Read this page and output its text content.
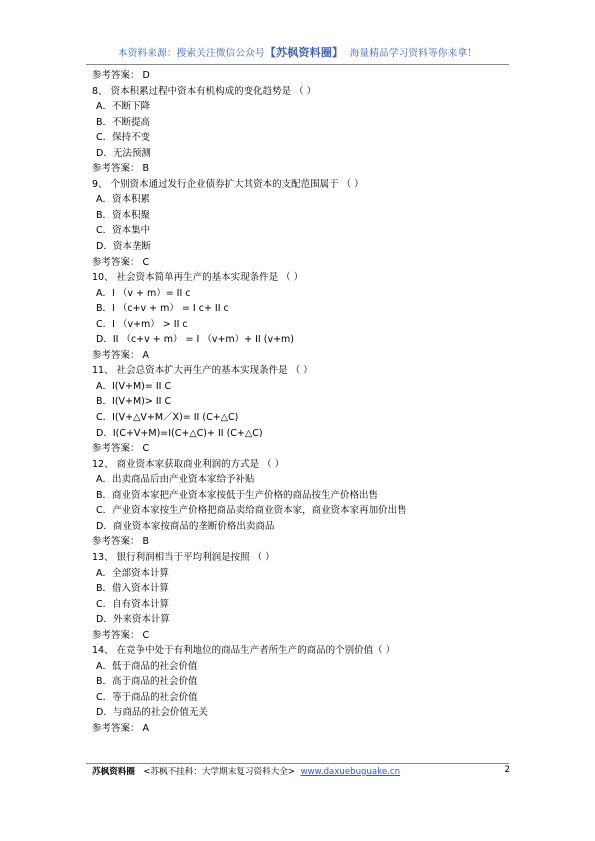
本资料来源：搜索关注微信公众号【苏枫资料圈】 海量精品学习资料等你来拿！
参考答案： D
8、 资本积累过程中资本有机构成的变化趋势是 （ ）
A．不断下降
B．不断提高
C．保持不变
D．无法预测
参考答案： B
9、 个别资本通过发行企业债券扩大其资本的支配范围属于 （ ）
A．资本积累
B．资本积聚
C．资本集中
D．资本垄断
参考答案： C
10、 社会资本简单再生产的基本实现条件是 （ ）
A．I （v + m）= II c
B．I （c+v + m） = I c+ II c
C．I （v+m） > II c
D．II （c+v + m） = I （v+m）+ II (v+m)
参考答案： A
11、 社会总资本扩大再生产的基本实现条件是 （ ）
A．I(V+M)= II C
B．I(V+M)> II C
C．I(V+△V+M／X)= II (C+△C)
D．I(C+V+M)=I(C+△C)+ II (C+△C)
参考答案： C
12、 商业资本家获取商业利润的方式是 （ ）
A．出卖商品后由产业资本家给予补贴
B．商业资本家把产业资本家按低于生产价格的商品按生产价格出售
C．产业资本家按生产价格把商品卖给商业资本家，商业资本家再加价出售
D．商业资本家按商品的垄断价格出卖商品
参考答案： B
13、 银行利润相当于平均利润是按照 （ ）
A．全部资本计算
B．借入资本计算
C．自有资本计算
D．外来资本计算
参考答案： C
14、 在竞争中处于有利地位的商品生产者所生产的商品的个别价值（ ）
A．低于商品的社会价值
B．高于商品的社会价值
C．等于商品的社会价值
D．与商品的社会价值无关
参考答案： A
苏枫资料圈 <苏枫不挂科：大学期末复习资料大全> www.daxuebuguake.cn	2
